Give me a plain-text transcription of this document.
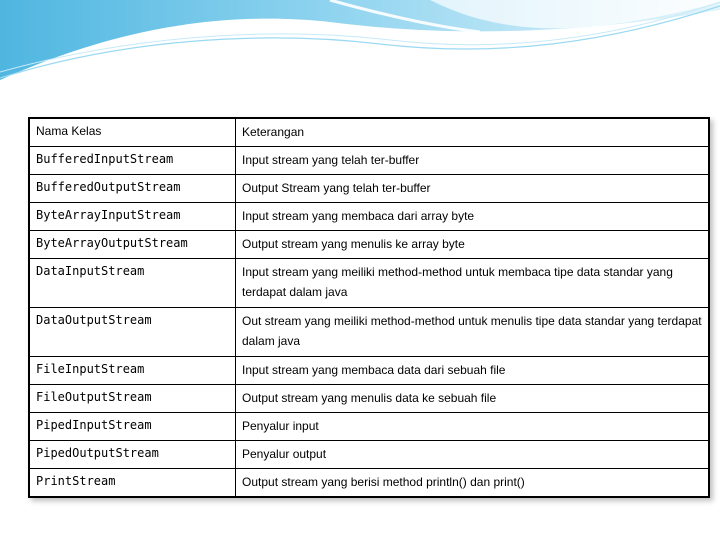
Nama Kelas	Keterangan
BufferedInputStream	Input stream yang telah ter-buffer
BufferedOutputStream	Output Stream yang telah ter-buffer
ByteArrayInputStream	Input stream yang membaca dari array byte
ByteArrayOutputStream	Output stream yang menulis ke array byte
DataInputStream	Input stream yang meiliki method-method untuk membaca tipe data standar yang terdapat dalam java
DataOutputStream	Out stream yang meiliki method-method untuk menulis tipe data standar yang terdapat dalam java
FileInputStream	Input stream yang membaca data dari sebuah file
FileOutputStream	Output stream yang menulis data ke sebuah file
PipedInputStream	Penyalur input
PipedOutputStream	Penyalur output
PrintStream	Output stream yang berisi method println() dan print()
